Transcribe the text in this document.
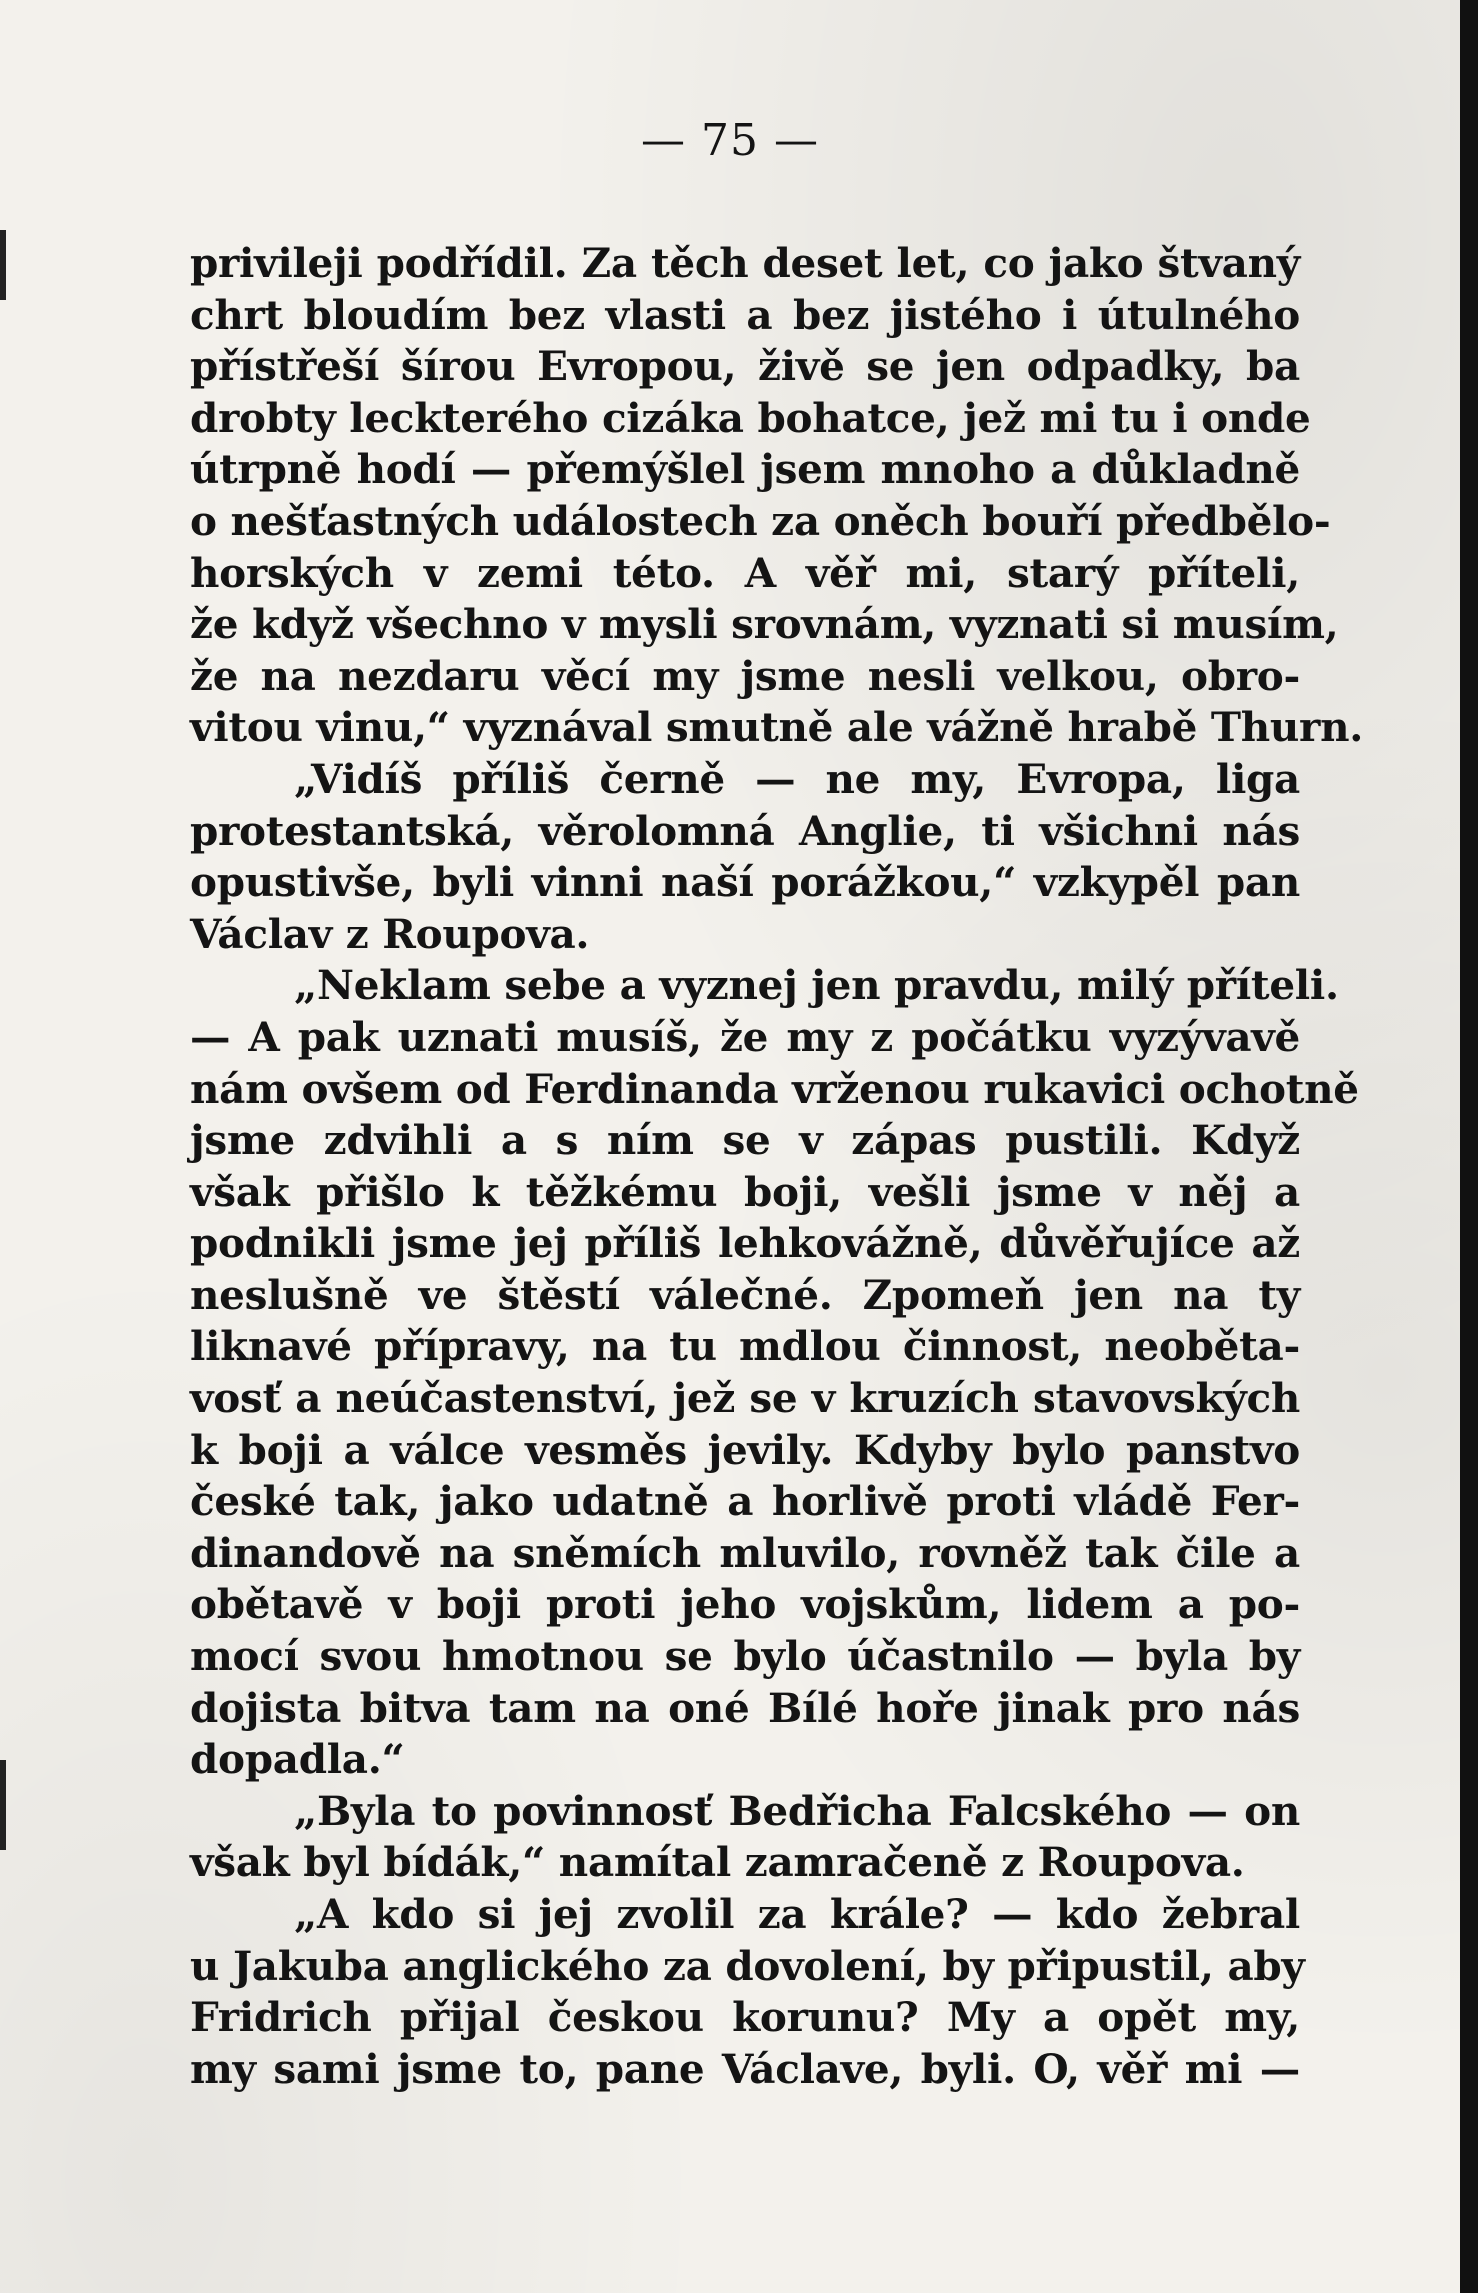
— 75 —
privileji podřídil. Za těch deset let, co jako štvaný
chrt bloudím bez vlasti a bez jistého i útulného
přístřeší šírou Evropou, živě se jen odpadky, ba
drobty leckterého cizáka bohatce, jež mi tu i onde
útrpně hodí — přemýšlel jsem mnoho a důkladně
o nešťastných událostech za oněch bouří předbělo-
horských v zemi této. A věř mi, starý příteli,
že když všechno v mysli srovnám, vyznati si musím,
že na nezdaru věcí my jsme nesli velkou, obro-
vitou vinu,“ vyznával smutně ale vážně hrabě Thurn.
„Vidíš příliš černě — ne my, Evropa, liga
protestantská, věrolomná Anglie, ti všichni nás
opustivše, byli vinni naší porážkou,“ vzkypěl pan
Václav z Roupova.
„Neklam sebe a vyznej jen pravdu, milý příteli.
— A pak uznati musíš, že my z počátku vyzývavě
nám ovšem od Ferdinanda vrženou rukavici ochotně
jsme zdvihli a s ním se v zápas pustili. Když
však přišlo k těžkému boji, vešli jsme v něj a
podnikli jsme jej příliš lehkovážně, důvěřujíce až
neslušně ve štěstí válečné. Zpomeň jen na ty
liknavé přípravy, na tu mdlou činnost, neoběta-
vosť a neúčastenství, jež se v kruzích stavovských
k boji a válce vesměs jevily. Kdyby bylo panstvo
české tak, jako udatně a horlivě proti vládě Fer-
dinandově na sněmích mluvilo, rovněž tak čile a
obětavě v boji proti jeho vojskům, lidem a po-
mocí svou hmotnou se bylo účastnilo — byla by
dojista bitva tam na oné Bílé hoře jinak pro nás
dopadla.“
„Byla to povinnosť Bedřicha Falcského — on
však byl bídák,“ namítal zamračeně z Roupova.
„A kdo si jej zvolil za krále? — kdo žebral
u Jakuba anglického za dovolení, by připustil, aby
Fridrich přijal českou korunu? My a opět my,
my sami jsme to, pane Václave, byli. O, věř mi —
